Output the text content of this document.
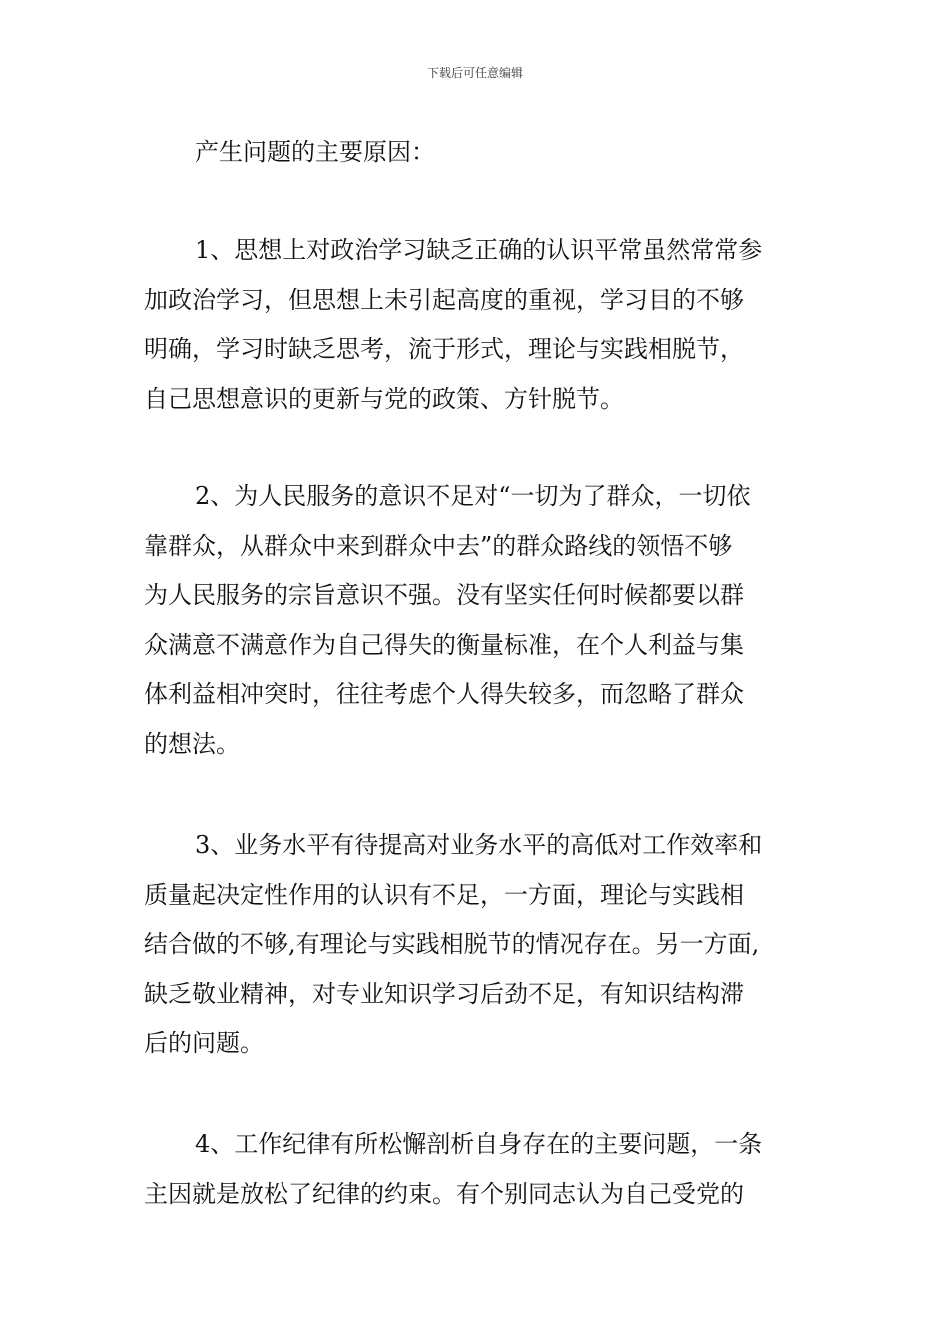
下载后可任意编辑
产生问题的主要原因：
1、思想上对政治学习缺乏正确的认识平常虽然常常参
加政治学习，但思想上未引起高度的重视，学习目的不够
明确，学习时缺乏思考，流于形式，理论与实践相脱节，
自己思想意识的更新与党的政策、方针脱节。
2、为人民服务的意识不足对“一切为了群众，一切依
靠群众，从群众中来到群众中去”的群众路线的领悟不够
为人民服务的宗旨意识不强。没有坚实任何时候都要以群
众满意不满意作为自己得失的衡量标准，在个人利益与集
体利益相冲突时，往往考虑个人得失较多，而忽略了群众
的想法。
3、业务水平有待提高对业务水平的高低对工作效率和
质量起决定性作用的认识有不足，一方面，理论与实践相
结合做的不够,有理论与实践相脱节的情况存在。另一方面,
缺乏敬业精神，对专业知识学习后劲不足，有知识结构滞
后的问题。
4、工作纪律有所松懈剖析自身存在的主要问题，一条
主因就是放松了纪律的约束。有个别同志认为自己受党的
